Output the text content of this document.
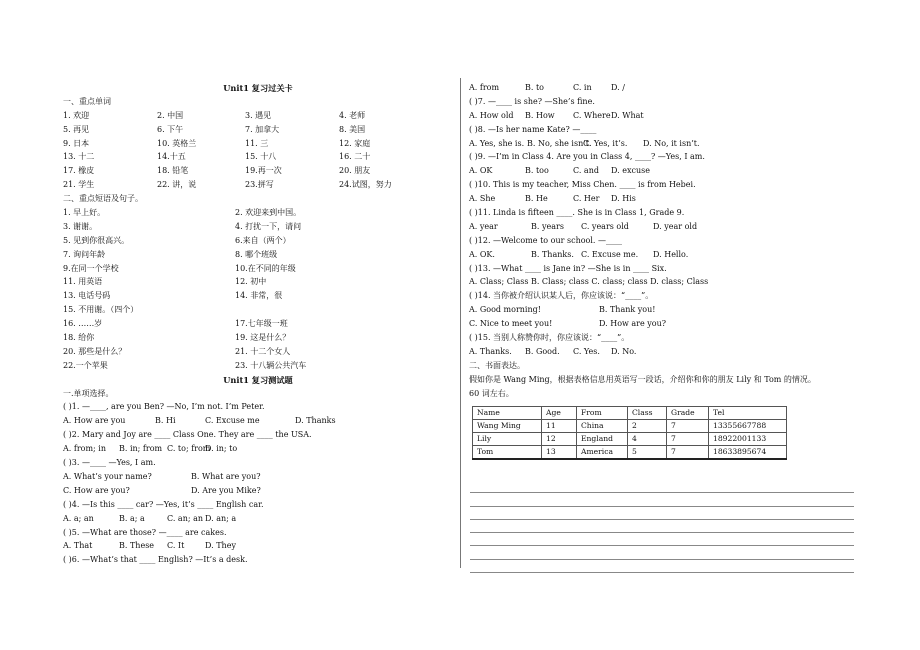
Unit1 复习过关卡
一、重点单词
1. 欢迎	2. 中国	3. 遇见	4. 老师
5. 再见	6. 下午	7. 加拿大	8. 美国
9. 日本	10. 英格兰	11. 三	12. 家庭
13. 十二	14.十五	15. 十八	16. 二十
17. 橡皮	18. 铅笔	19.再一次	20. 朋友
21. 学生	22. 讲，说	23.拼写	24.试图，努力
二、重点短语及句子。
1. 早上好。	2. 欢迎来到中国。
3. 谢谢。	4. 打扰一下，请问
5. 见到你很高兴。	6.来自（两个）
7. 询问年龄	8. 哪个班级
9.在同一个学校	10.在不同的年级
11. 用英语	12. 初中
13. 电话号码	14. 非常，很
15. 不用谢。（四个）
16. ……岁	17.七年级一班
18. 给你	19. 这是什么？
20. 那些是什么？	21. 十二个女人
22.一个苹果	23. 十八辆公共汽车
Unit1 复习测试题
一.单项选择。
( )1. —____, are you Ben? —No, I’m not. I’m Peter.
A. How are you	B. Hi	C. Excuse me	D. Thanks
( )2. Mary and Joy are ____ Class One. They are ____ the USA.
A. from; in	B. in; from C. to; from
D. in; to
( )3. —____ —Yes, I am.
A. What’s your name?	B. What are you?
C. How are you?	D. Are you Mike?
( )4. —Is this ____ car? —Yes, it’s ____ English car.
A. a; an	B. a; a	C. an; an D. an; a
( )5. —What are those? —____ are cakes.
A. That	B. These	C. It	D. They
( )6. —What’s that ____ English? —It’s a desk.
A. from	B. to	C. in	D. /
( )7. —____ is she? —She’s fine.
A. How old	B. How	C. Where D. What
( )8. —Is her name Kate? —____
A. Yes, she is. B. No, she isn’t.
C. Yes, it’s.	D. No, it isn’t.
( )9. —I’m in Class 4. Are you in Class 4, ____? —Yes, I am.
A. OK	B. too	C. and	D. excuse
( )10. This is my teacher, Miss Chen. ____ is from Hebei.
A. She	B. He	C. Her	D. His
( )11. Linda is fifteen ____. She is in Class 1, Grade 9.
A. year	B. years	C. years old	D. year old
( )12. —Welcome to our school. —____
A. OK.	B. Thanks. C. Excuse me.	D. Hello.
( )13. —What ____ is Jane in? —She is in ____ Six.
A. Class; Class B. Class; class C. class; class D. class; Class
( )14. 当你被介绍认识某人后，你应该说：“____”。
A. Good morning!	B. Thank you!
C. Nice to meet you!	D. How are you?
( )15. 当别人称赞你时，你应该说：“____”。
A. Thanks.	B. Good.	C. Yes.	D. No.
二、书面表达。
假如你是 Wang Ming，根据表格信息用英语写一段话，介绍你和你的朋友 Lily 和 Tom 的情况。
60 词左右。
Name	Age	From	Class	Grade	Tel
Wang Ming	11	China	2	7	13355667788
Lily	12	England	4	7	18922001133
Tom	13	America	5	7	18633895674
